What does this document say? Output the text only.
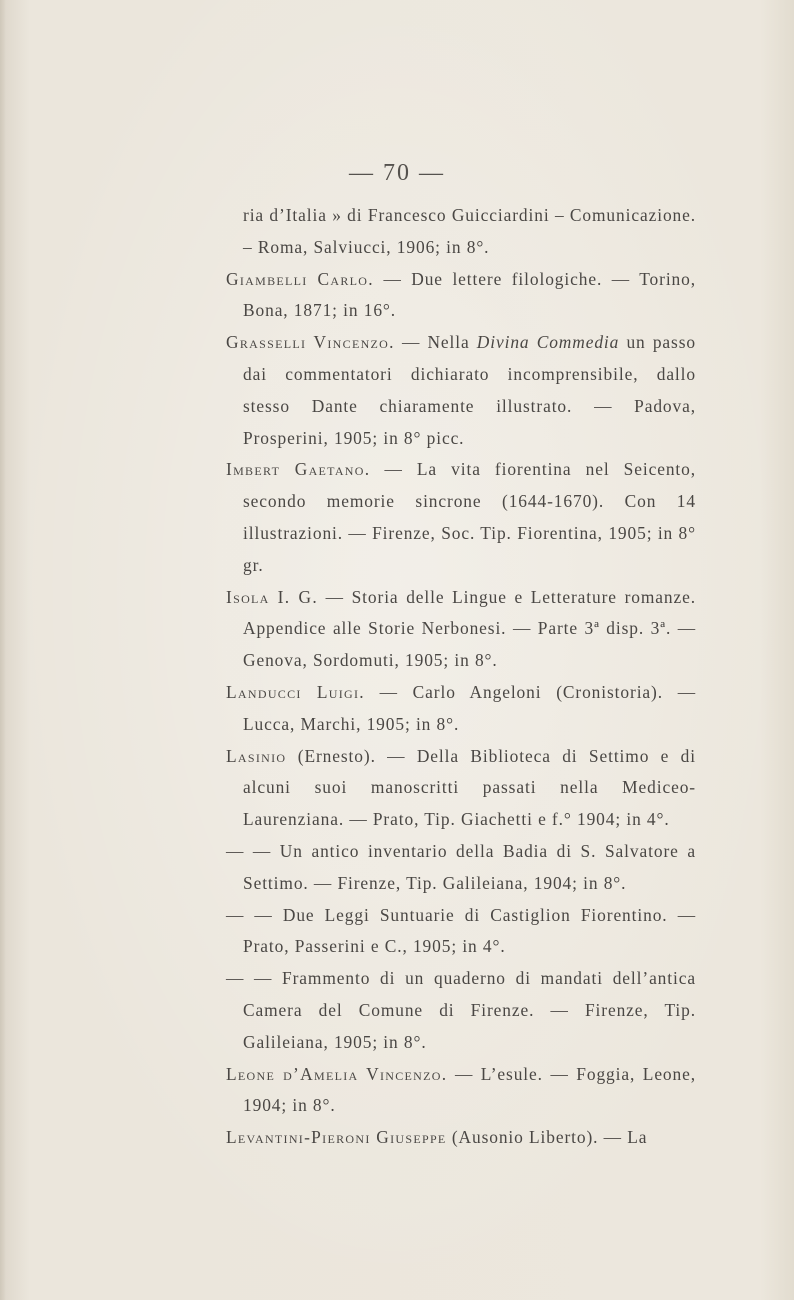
— 70 —

ria d’Italia » di Francesco Guicciardini – Comunicazione. – Roma, Salviucci, 1906; in 8°.

Giambelli Carlo. — Due lettere filologiche. — Torino, Bona, 1871; in 16°.

Grasselli Vincenzo. — Nella Divina Commedia un passo dai commentatori dichiarato incomprensibile, dallo stesso Dante chiaramente illustrato. — Padova, Prosperini, 1905; in 8° picc.

Imbert Gaetano. — La vita fiorentina nel Seicento, secondo memorie sincrone (1644-1670). Con 14 illustrazioni. — Firenze, Soc. Tip. Fiorentina, 1905; in 8° gr.

Isola I. G. — Storia delle Lingue e Letterature romanze. Appendice alle Storie Nerbonesi. — Parte 3ª disp. 3ª. — Genova, Sordomuti, 1905; in 8°.

Landucci Luigi. — Carlo Angeloni (Cronistoria). — Lucca, Marchi, 1905; in 8°.

Lasinio (Ernesto). — Della Biblioteca di Settimo e di alcuni suoi manoscritti passati nella Mediceo-Laurenziana. — Prato, Tip. Giachetti e f.° 1904; in 4°.

— — Un antico inventario della Badia di S. Salvatore a Settimo. — Firenze, Tip. Galileiana, 1904; in 8°.

— — Due Leggi Suntuarie di Castiglion Fiorentino. — Prato, Passerini e C., 1905; in 4°.

— — Frammento di un quaderno di mandati dell’antica Camera del Comune di Firenze. — Firenze, Tip. Galileiana, 1905; in 8°.

Leone d’Amelia Vincenzo. — L’esule. — Foggia, Leone, 1904; in 8°.

Levantini-Pieroni Giuseppe (Ausonio Liberto). — La
